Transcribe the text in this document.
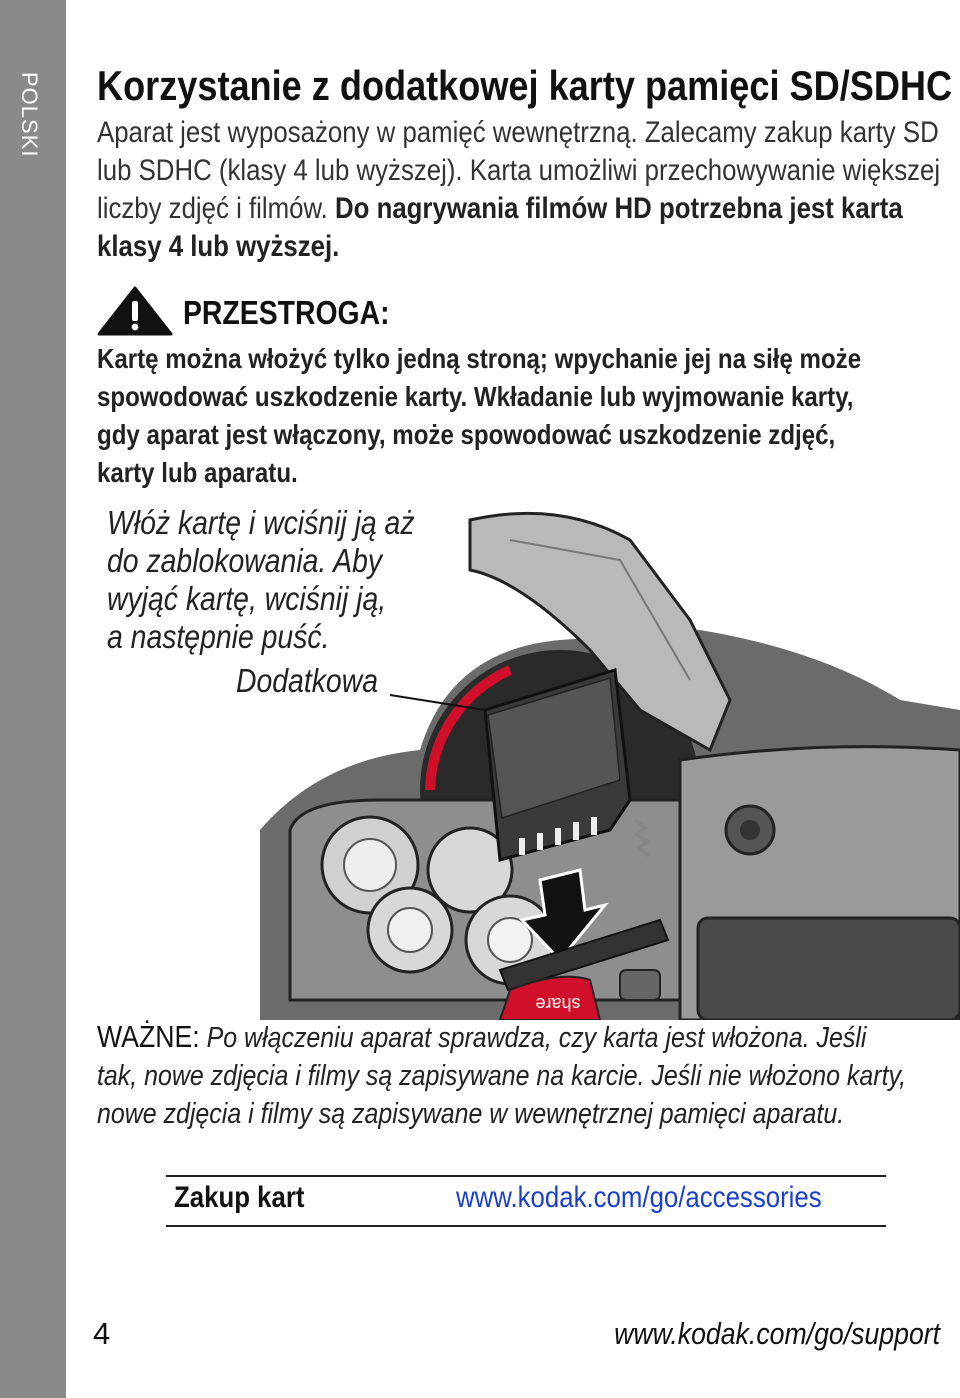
POLSKI Korzystanie z dodatkowej karty pamięci SD/SDHC
Aparat jest wyposażony w pamięć wewnętrzną. Zalecamy zakup karty SD
lub SDHC (klasy 4 lub wyższej). Karta umożliwi przechowywanie większej
liczby zdjęć i filmów. Do nagrywania filmów HD potrzebna jest karta
klasy 4 lub wyższej.
PRZESTROGA:
Kartę można włożyć tylko jedną stroną; wpychanie jej na siłę może
spowodować uszkodzenie karty. Wkładanie lub wyjmowanie karty,
gdy aparat jest włączony, może spowodować uszkodzenie zdjęć,
karty lub aparatu.
share
Włóż kartę i wciśnij ją aż
do zablokowania. Aby
wyjąć kartę, wciśnij ją,
a następnie puść.
Dodatkowa
WAŻNE: Po włączeniu aparat sprawdza, czy karta jest włożona. Jeśli
tak, nowe zdjęcia i filmy są zapisywane na karcie. Jeśli nie włożono karty,
nowe zdjęcia i filmy są zapisywane w wewnętrznej pamięci aparatu.
Zakup kart	www.kodak.com/go/accessories
4	www.kodak.com/go/support
